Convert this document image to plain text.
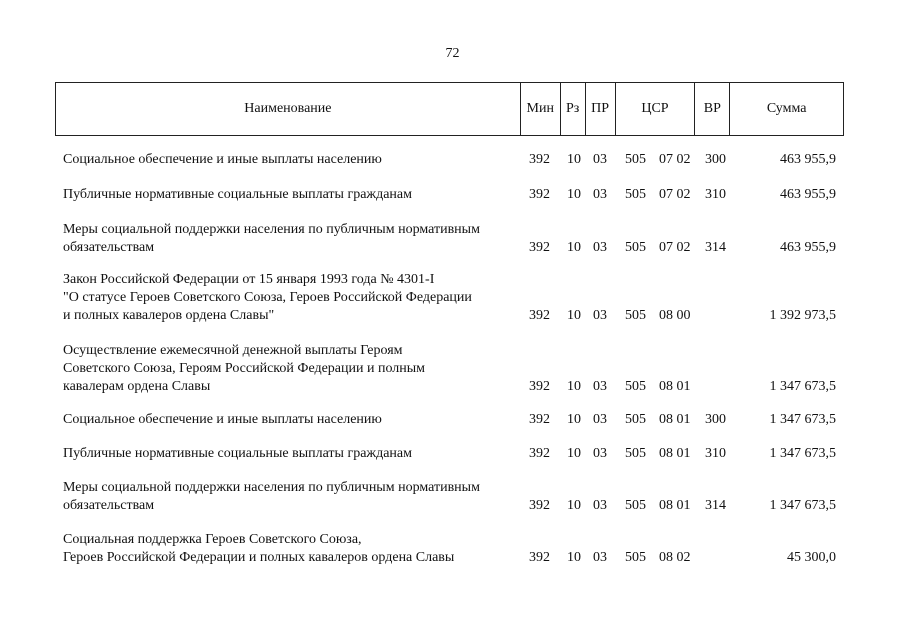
72
Наименование	Мин Рз ПР	ЦСР	ВР	Сумма
Социальное обеспечение и иные выплаты населению	392 10 03 505 07 02 300	463 955,9
Публичные нормативные социальные выплаты гражданам	392 10 03 505 07 02 310	463 955,9
Меры социальной поддержки населения по публичным нормативным
обязательствам	392 10 03 505 07 02 314	463 955,9
Закон Российской Федерации от 15 января 1993 года № 4301-I
"О статусе Героев Советского Союза, Героев Российской Федерации
и полных кавалеров ордена Славы"	392 10 03 505 08 00	1 392 973,5
Осуществление ежемесячной денежной выплаты Героям
Советского Союза, Героям Российской Федерации и полным
кавалерам ордена Славы	392 10 03 505 08 01	1 347 673,5
Социальное обеспечение и иные выплаты населению	392 10 03 505 08 01 300	1 347 673,5
Публичные нормативные социальные выплаты гражданам	392 10 03 505 08 01 310	1 347 673,5
Меры социальной поддержки населения по публичным нормативным
обязательствам	392 10 03 505 08 01 314	1 347 673,5
Социальная поддержка Героев Советского Союза,
Героев Российской Федерации и полных кавалеров ордена Славы	392 10 03 505 08 02	45 300,0
